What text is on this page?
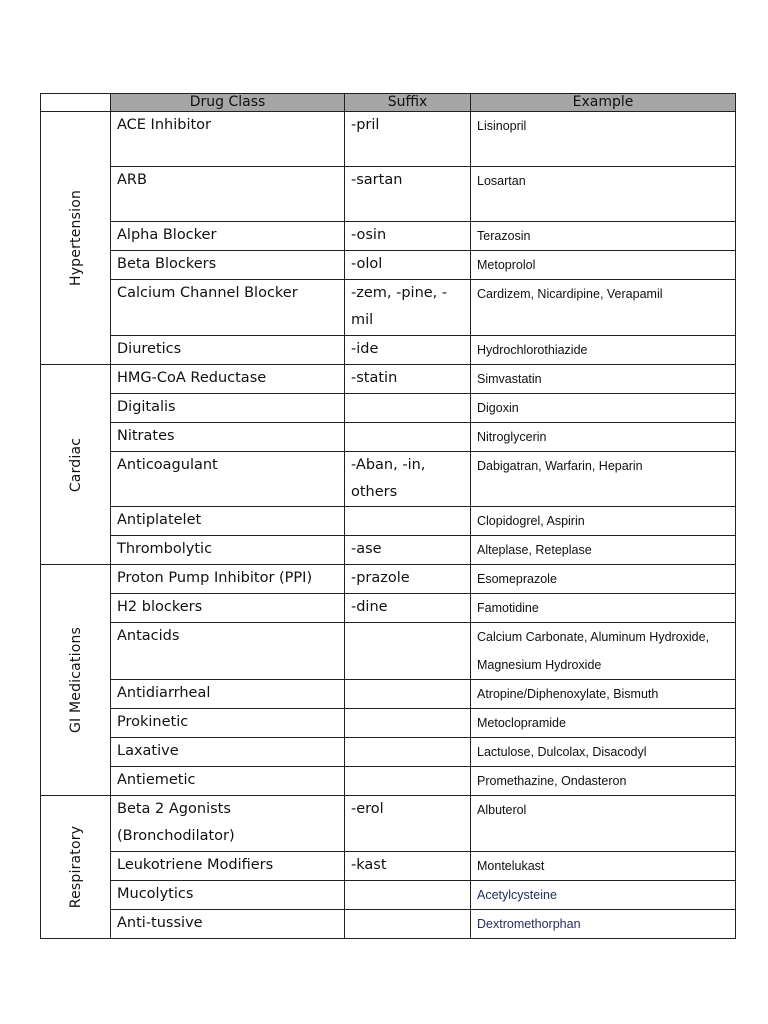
	Drug Class	Suffix	Example

Hypertension	ACE Inhibitor	-pril	Lisinopril
	ARB	-sartan	Losartan
	Alpha Blocker	-osin	Terazosin
	Beta Blockers	-olol	Metoprolol
	Calcium Channel Blocker	-zem, -pine, -mil	Cardizem, Nicardipine, Verapamil
	Diuretics	-ide	Hydrochlorothiazide

Cardiac	HMG-CoA Reductase	-statin	Simvastatin
	Digitalis		Digoxin
	Nitrates		Nitroglycerin
	Anticoagulant	-Aban, -in, others	Dabigatran, Warfarin, Heparin
	Antiplatelet		Clopidogrel, Aspirin
	Thrombolytic	-ase	Alteplase, Reteplase

GI Medications	Proton Pump Inhibitor (PPI)	-prazole	Esomeprazole
	H2 blockers	-dine	Famotidine
	Antacids		Calcium Carbonate, Aluminum Hydroxide, Magnesium Hydroxide
	Antidiarrheal		Atropine/Diphenoxylate, Bismuth
	Prokinetic		Metoclopramide
	Laxative		Lactulose, Dulcolax, Disacodyl
	Antiemetic		Promethazine, Ondasteron

Respiratory	Beta 2 Agonists (Bronchodilator)	-erol	Albuterol
	Leukotriene Modifiers	-kast	Montelukast
	Mucolytics		Acetylcysteine
	Anti-tussive		Dextromethorphan
